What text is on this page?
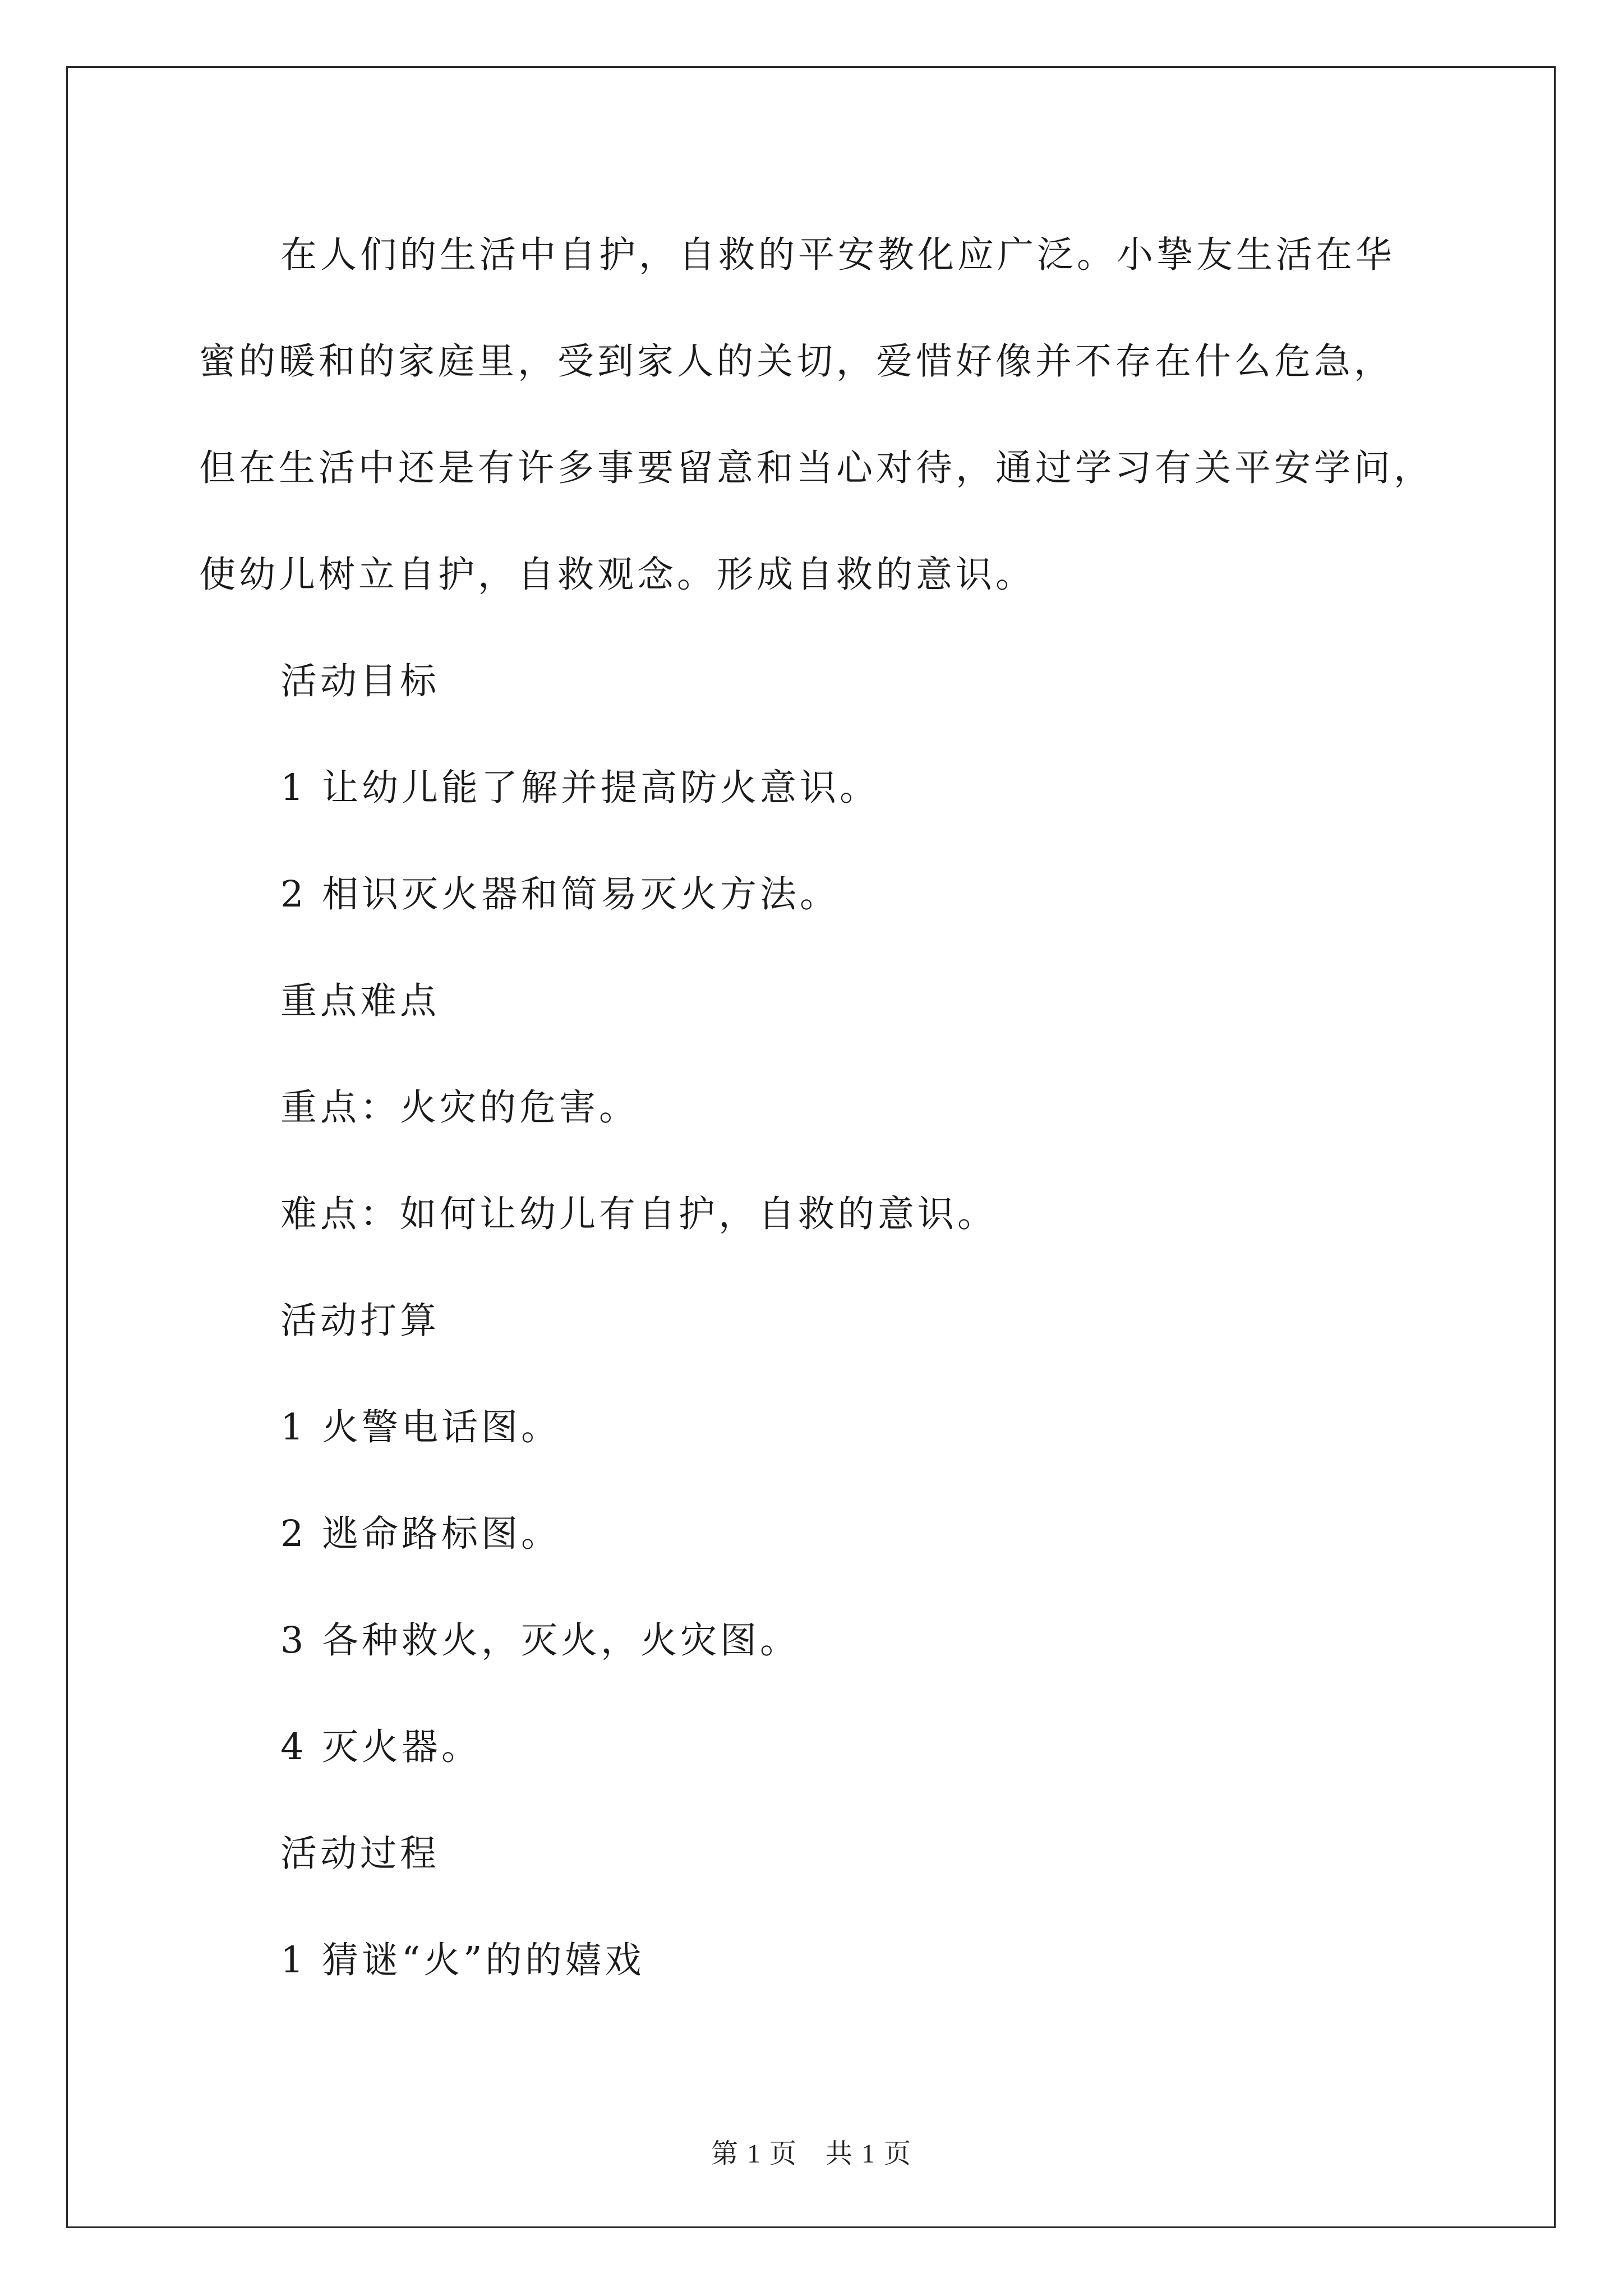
在人们的生活中自护，自救的平安教化应广泛。小挚友生活在华
蜜的暖和的家庭里，受到家人的关切，爱惜好像并不存在什么危急，
但在生活中还是有许多事要留意和当心对待，通过学习有关平安学问，
使幼儿树立自护，自救观念。形成自救的意识。

活动目标

1 让幼儿能了解并提高防火意识。

2 相识灭火器和简易灭火方法。

重点难点

重点：火灾的危害。

难点：如何让幼儿有自护，自救的意识。

活动打算

1 火警电话图。

2 逃命路标图。

3 各种救火，灭火，火灾图。

4 灭火器。

活动过程

1 猜谜“火”的的嬉戏

第 1 页　共 1 页
